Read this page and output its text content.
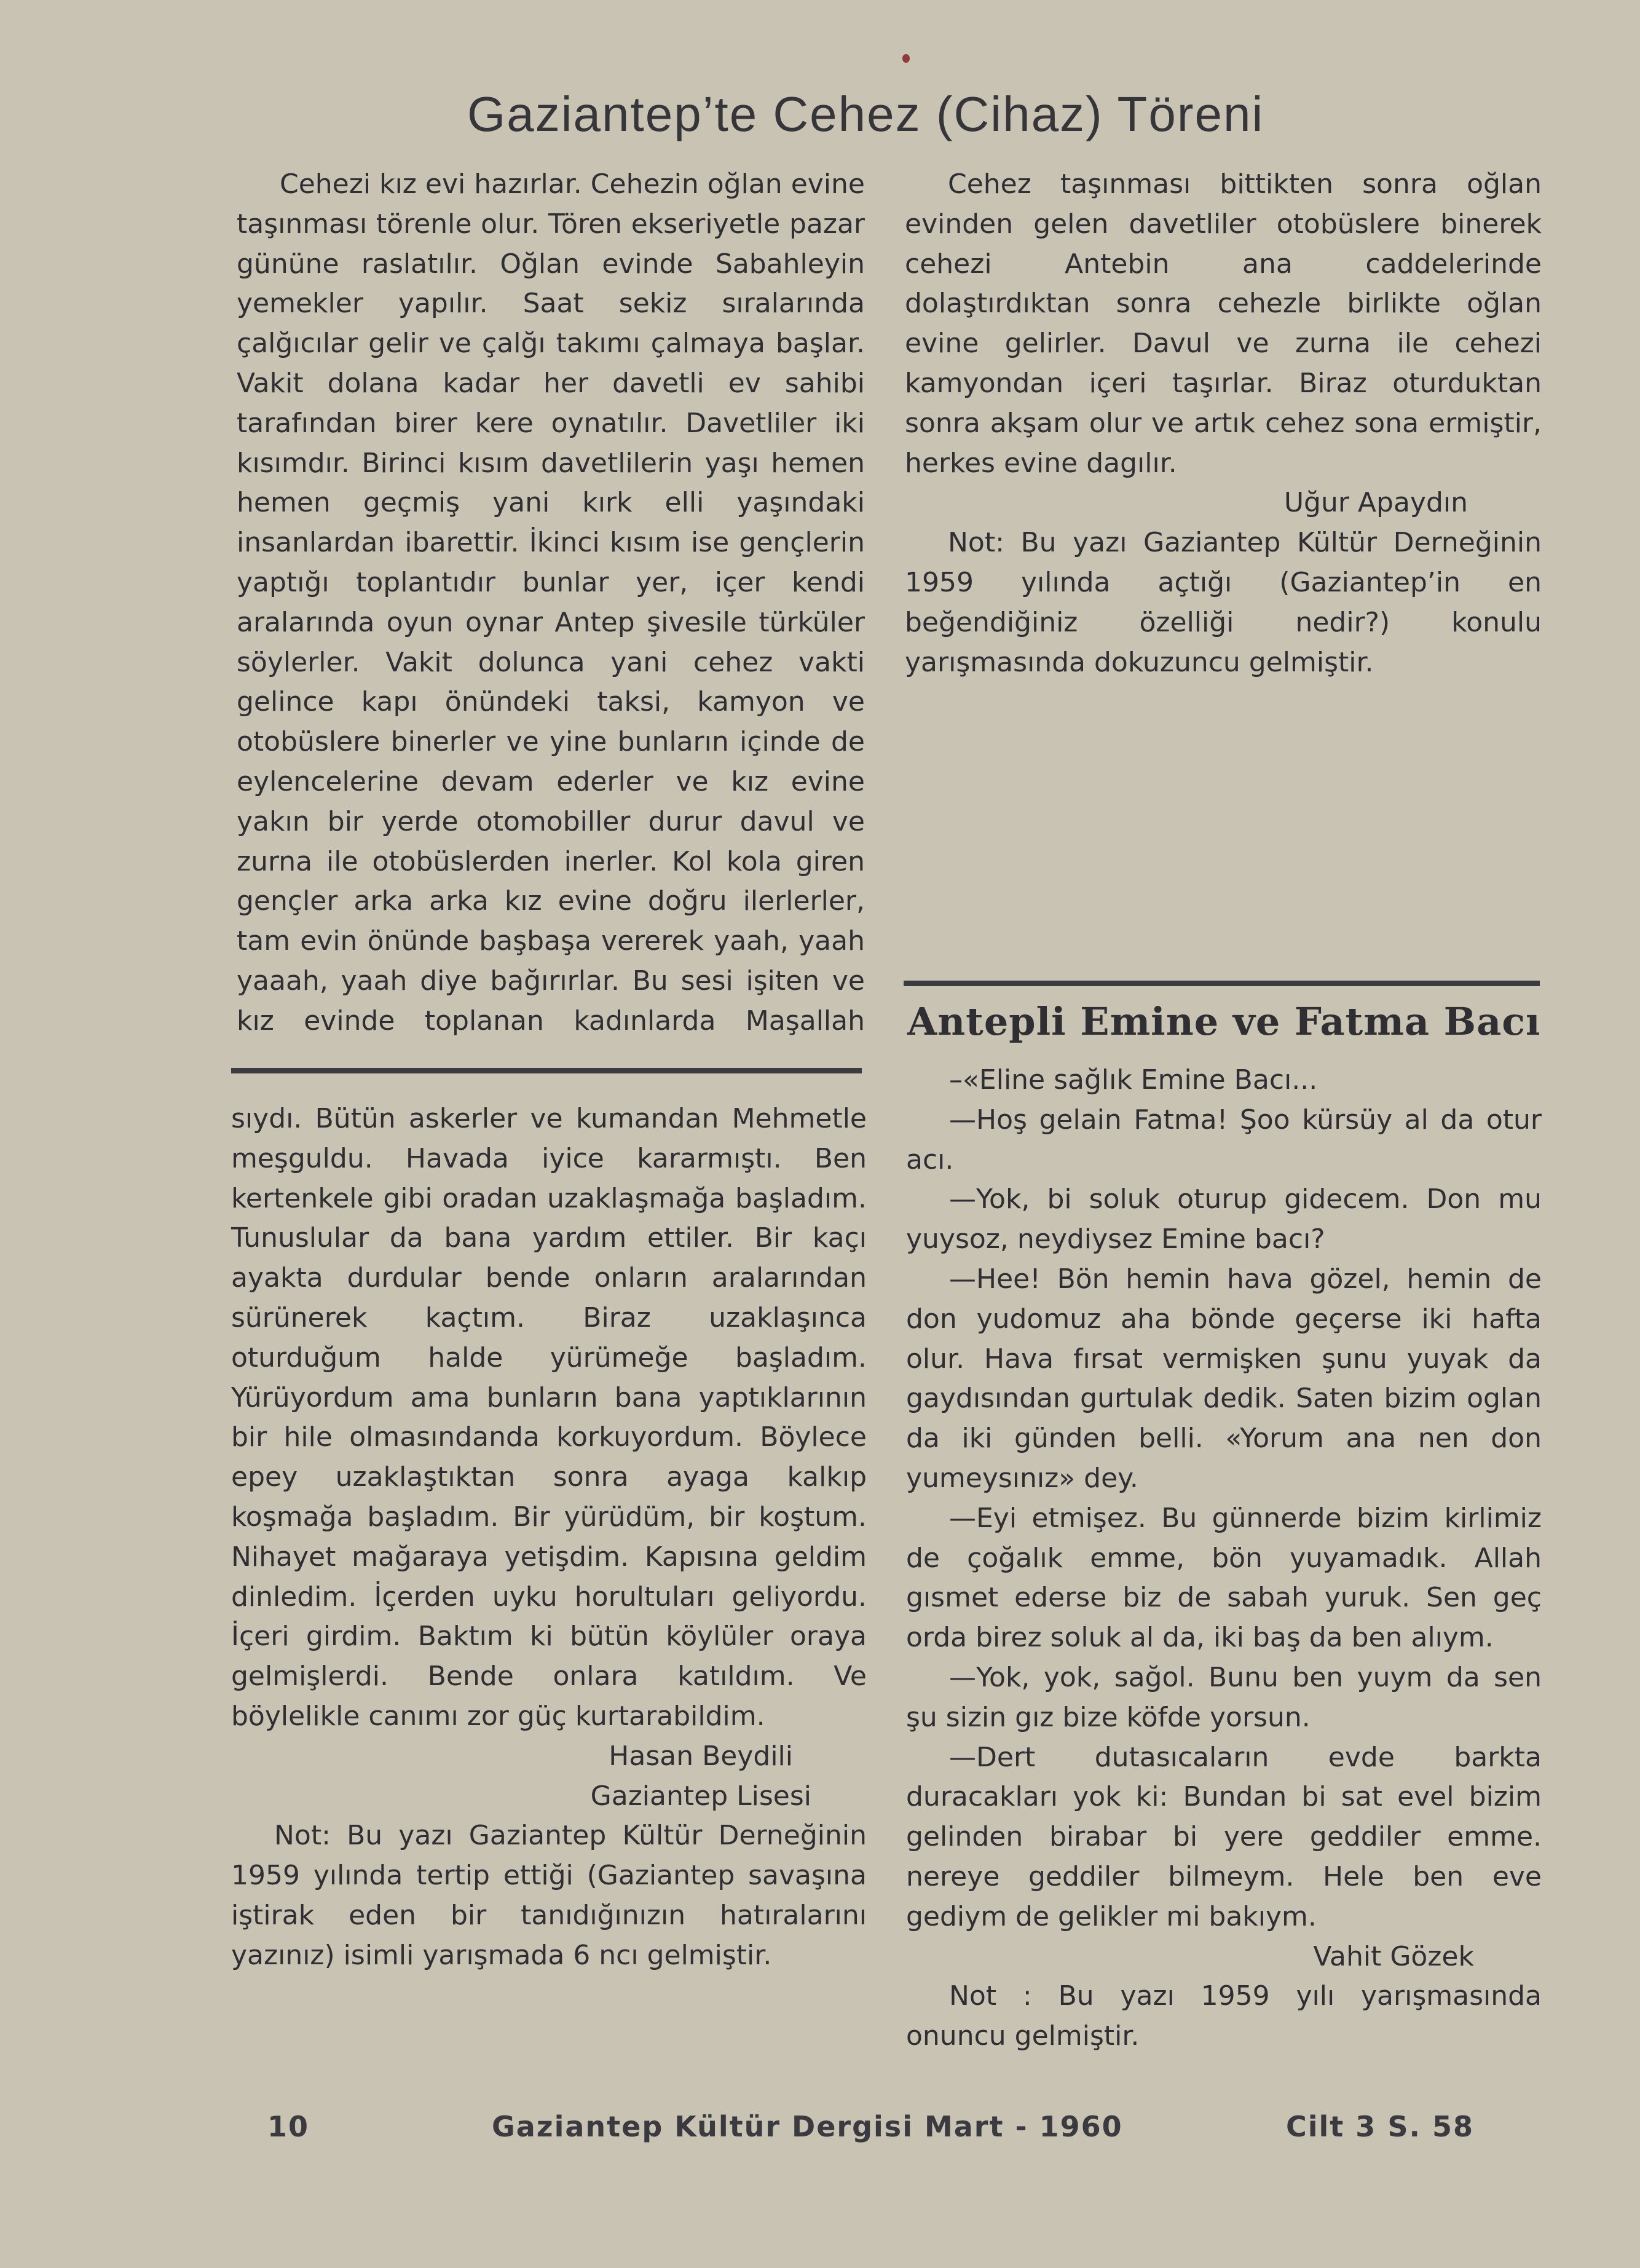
Gaziantep’te Cehez (Cihaz) Töreni

Cehezi kız evi hazırlar. Cehezin oğlan evine taşınması törenle olur. Tören ekseriyetle pazar gününe raslatılır. Oğlan evinde Sabahleyin yemekler yapılır. Saat sekiz sıralarında çalğıcılar gelir ve çalğı takımı çalmaya başlar. Vakit dolana kadar her davetli ev sahibi tarafından birer kere oynatılır. Davetliler iki kısımdır. Birinci kısım davetlilerin yaşı hemen hemen geçmiş yani kırk elli yaşındaki insanlardan ibarettir. İkinci kısım ise gençlerin yaptığı toplantıdır bunlar yer, içer kendi aralarında oyun oynar Antep şivesile türküler söylerler. Vakit dolunca yani cehez vakti gelince kapı önündeki taksi, kamyon ve otobüslere binerler ve yine bunların içinde de eylencelerine devam ederler ve kız evine yakın bir yerde otomobiller durur davul ve zurna ile otobüslerden inerler. Kol kola giren gençler arka arka kız evine doğru ilerlerler, tam evin önünde başbaşa vererek yaah, yaah yaaah, yaah diye bağırırlar. Bu sesi işiten ve kız evinde toplanan kadınlarda Maşallah

Cehez taşınması bittikten sonra oğlan evinden gelen davetliler otobüslere binerek cehezi Antebin ana caddelerinde dolaştırdıktan sonra cehezle birlikte oğlan evine gelirler. Davul ve zurna ile cehezi kamyondan içeri taşırlar. Biraz oturduktan sonra akşam olur ve artık cehez sona ermiştir, herkes evine dagılır.

Uğur Apaydın

Not: Bu yazı Gaziantep Kültür Derneğinin 1959 yılında açtığı (Gaziantep’in en beğendiğiniz özelliği nedir?) konulu yarışmasında dokuzuncu gelmiştir.

sıydı. Bütün askerler ve kumandan Mehmetle meşguldu. Havada iyice kararmıştı. Ben kertenkele gibi oradan uzaklaşmağa başladım. Tunuslular da bana yardım ettiler. Bir kaçı ayakta durdular bende onların aralarından sürünerek kaçtım. Biraz uzaklaşınca oturduğum halde yürümeğe başladım. Yürüyordum ama bunların bana yaptıklarının bir hile olmasındanda korkuyordum. Böylece epey uzaklaştıktan sonra ayaga kalkıp koşmağa başladım. Bir yürüdüm, bir koştum. Nihayet mağaraya yetişdim. Kapısına geldim dinledim. İçerden uyku horultuları geliyordu. İçeri girdim. Baktım ki bütün köylüler oraya gelmişlerdi. Bende onlara katıldım. Ve böylelikle canımı zor güç kurtarabildim.

Hasan Beydili

Gaziantep Lisesi

Not: Bu yazı Gaziantep Kültür Derneğinin 1959 yılında tertip ettiği (Gaziantep savaşına iştirak eden bir tanıdığınızın hatıralarını yazınız) isimli yarışmada 6 ncı gelmiştir.

Antepli Emine ve Fatma Bacı

–«Eline sağlık Emine Bacı...

—Hoş gelain Fatma! Şoo kürsüy al da otur acı.

—Yok, bi soluk oturup gidecem. Don mu yuysoz, neydiysez Emine bacı?

—Hee! Bön hemin hava gözel, hemin de don yudomuz aha bönde geçerse iki hafta olur. Hava fırsat vermişken şunu yuyak da gaydısından gurtulak dedik. Saten bizim oglan da iki günden belli. «Yorum ana nen don yumeysınız» dey.

—Eyi etmişez. Bu günnerde bizim kirlimiz de çoğalık emme, bön yuyamadık. Allah gısmet ederse biz de sabah yuruk. Sen geç orda birez soluk al da, iki baş da ben alıym.

—Yok, yok, sağol. Bunu ben yuym da sen şu sizin gız bize köfde yorsun.

—Dert dutasıcaların evde barkta duracakları yok ki: Bundan bi sat evel bizim gelinden birabar bi yere geddiler emme. nereye geddiler bilmeym. Hele ben eve gediym de gelikler mi bakıym.

Vahit Gözek

Not : Bu yazı 1959 yılı yarışmasında onuncu gelmiştir.

10	Gaziantep Kültür Dergisi Mart - 1960	Cilt 3 S. 58
